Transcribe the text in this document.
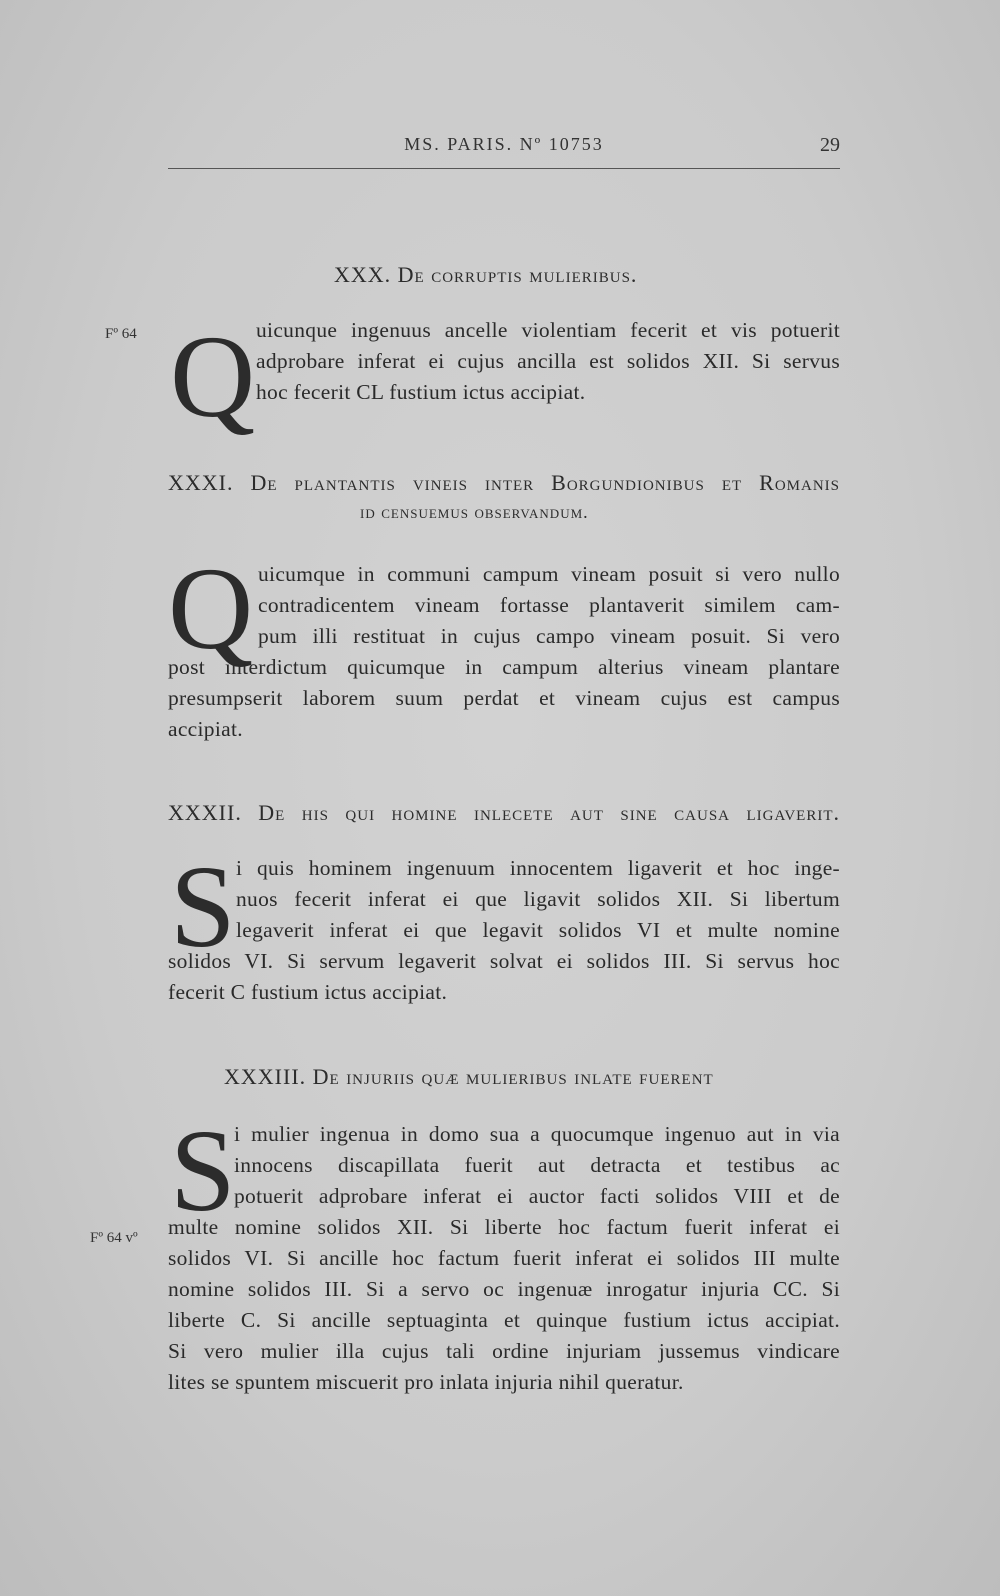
MS. PARIS. Nº 10753	29
XXX. De corruptis mulieribus.
Fº 64 Q uicunque ingenuus ancelle violentiam fecerit et vis potuerit
adprobare inferat ei cujus ancilla est solidos XII. Si servus
hoc fecerit CL fustium ictus accipiat.
XXXI. De plantantis vineis inter Borgundionibus et Romanis
id censuemus observandum.
Q uicumque in communi campum vineam posuit si vero nullo
contradicentem vineam fortasse plantaverit similem cam-
pum illi restituat in cujus campo vineam posuit. Si vero
post interdictum quicumque in campum alterius vineam plantare
presumpserit laborem suum perdat et vineam cujus est campus
accipiat.
XXXII. De his qui homine inlecete aut sine causa ligaverit.
S i quis hominem ingenuum innocentem ligaverit et hoc inge-
nuos fecerit inferat ei que ligavit solidos XII. Si libertum
legaverit inferat ei que legavit solidos VI et multe nomine
solidos VI. Si servum legaverit solvat ei solidos III. Si servus hoc
fecerit C fustium ictus accipiat.
XXXIII. De injuriis quæ mulieribus inlate fuerent
S
i mulier ingenua in domo sua a quocumque ingenuo aut in via
innocens discapillata fuerit aut detracta et testibus ac
potuerit adprobare inferat ei auctor facti solidos VIII et de
Fº 64 vº multe nomine solidos XII. Si liberte hoc factum fuerit inferat ei
solidos VI. Si ancille hoc factum fuerit inferat ei solidos III multe
nomine solidos III. Si a servo oc ingenuæ inrogatur injuria CC. Si
liberte C. Si ancille septuaginta et quinque fustium ictus accipiat.
Si vero mulier illa cujus tali ordine injuriam jussemus vindicare
lites se spuntem miscuerit pro inlata injuria nihil queratur.
